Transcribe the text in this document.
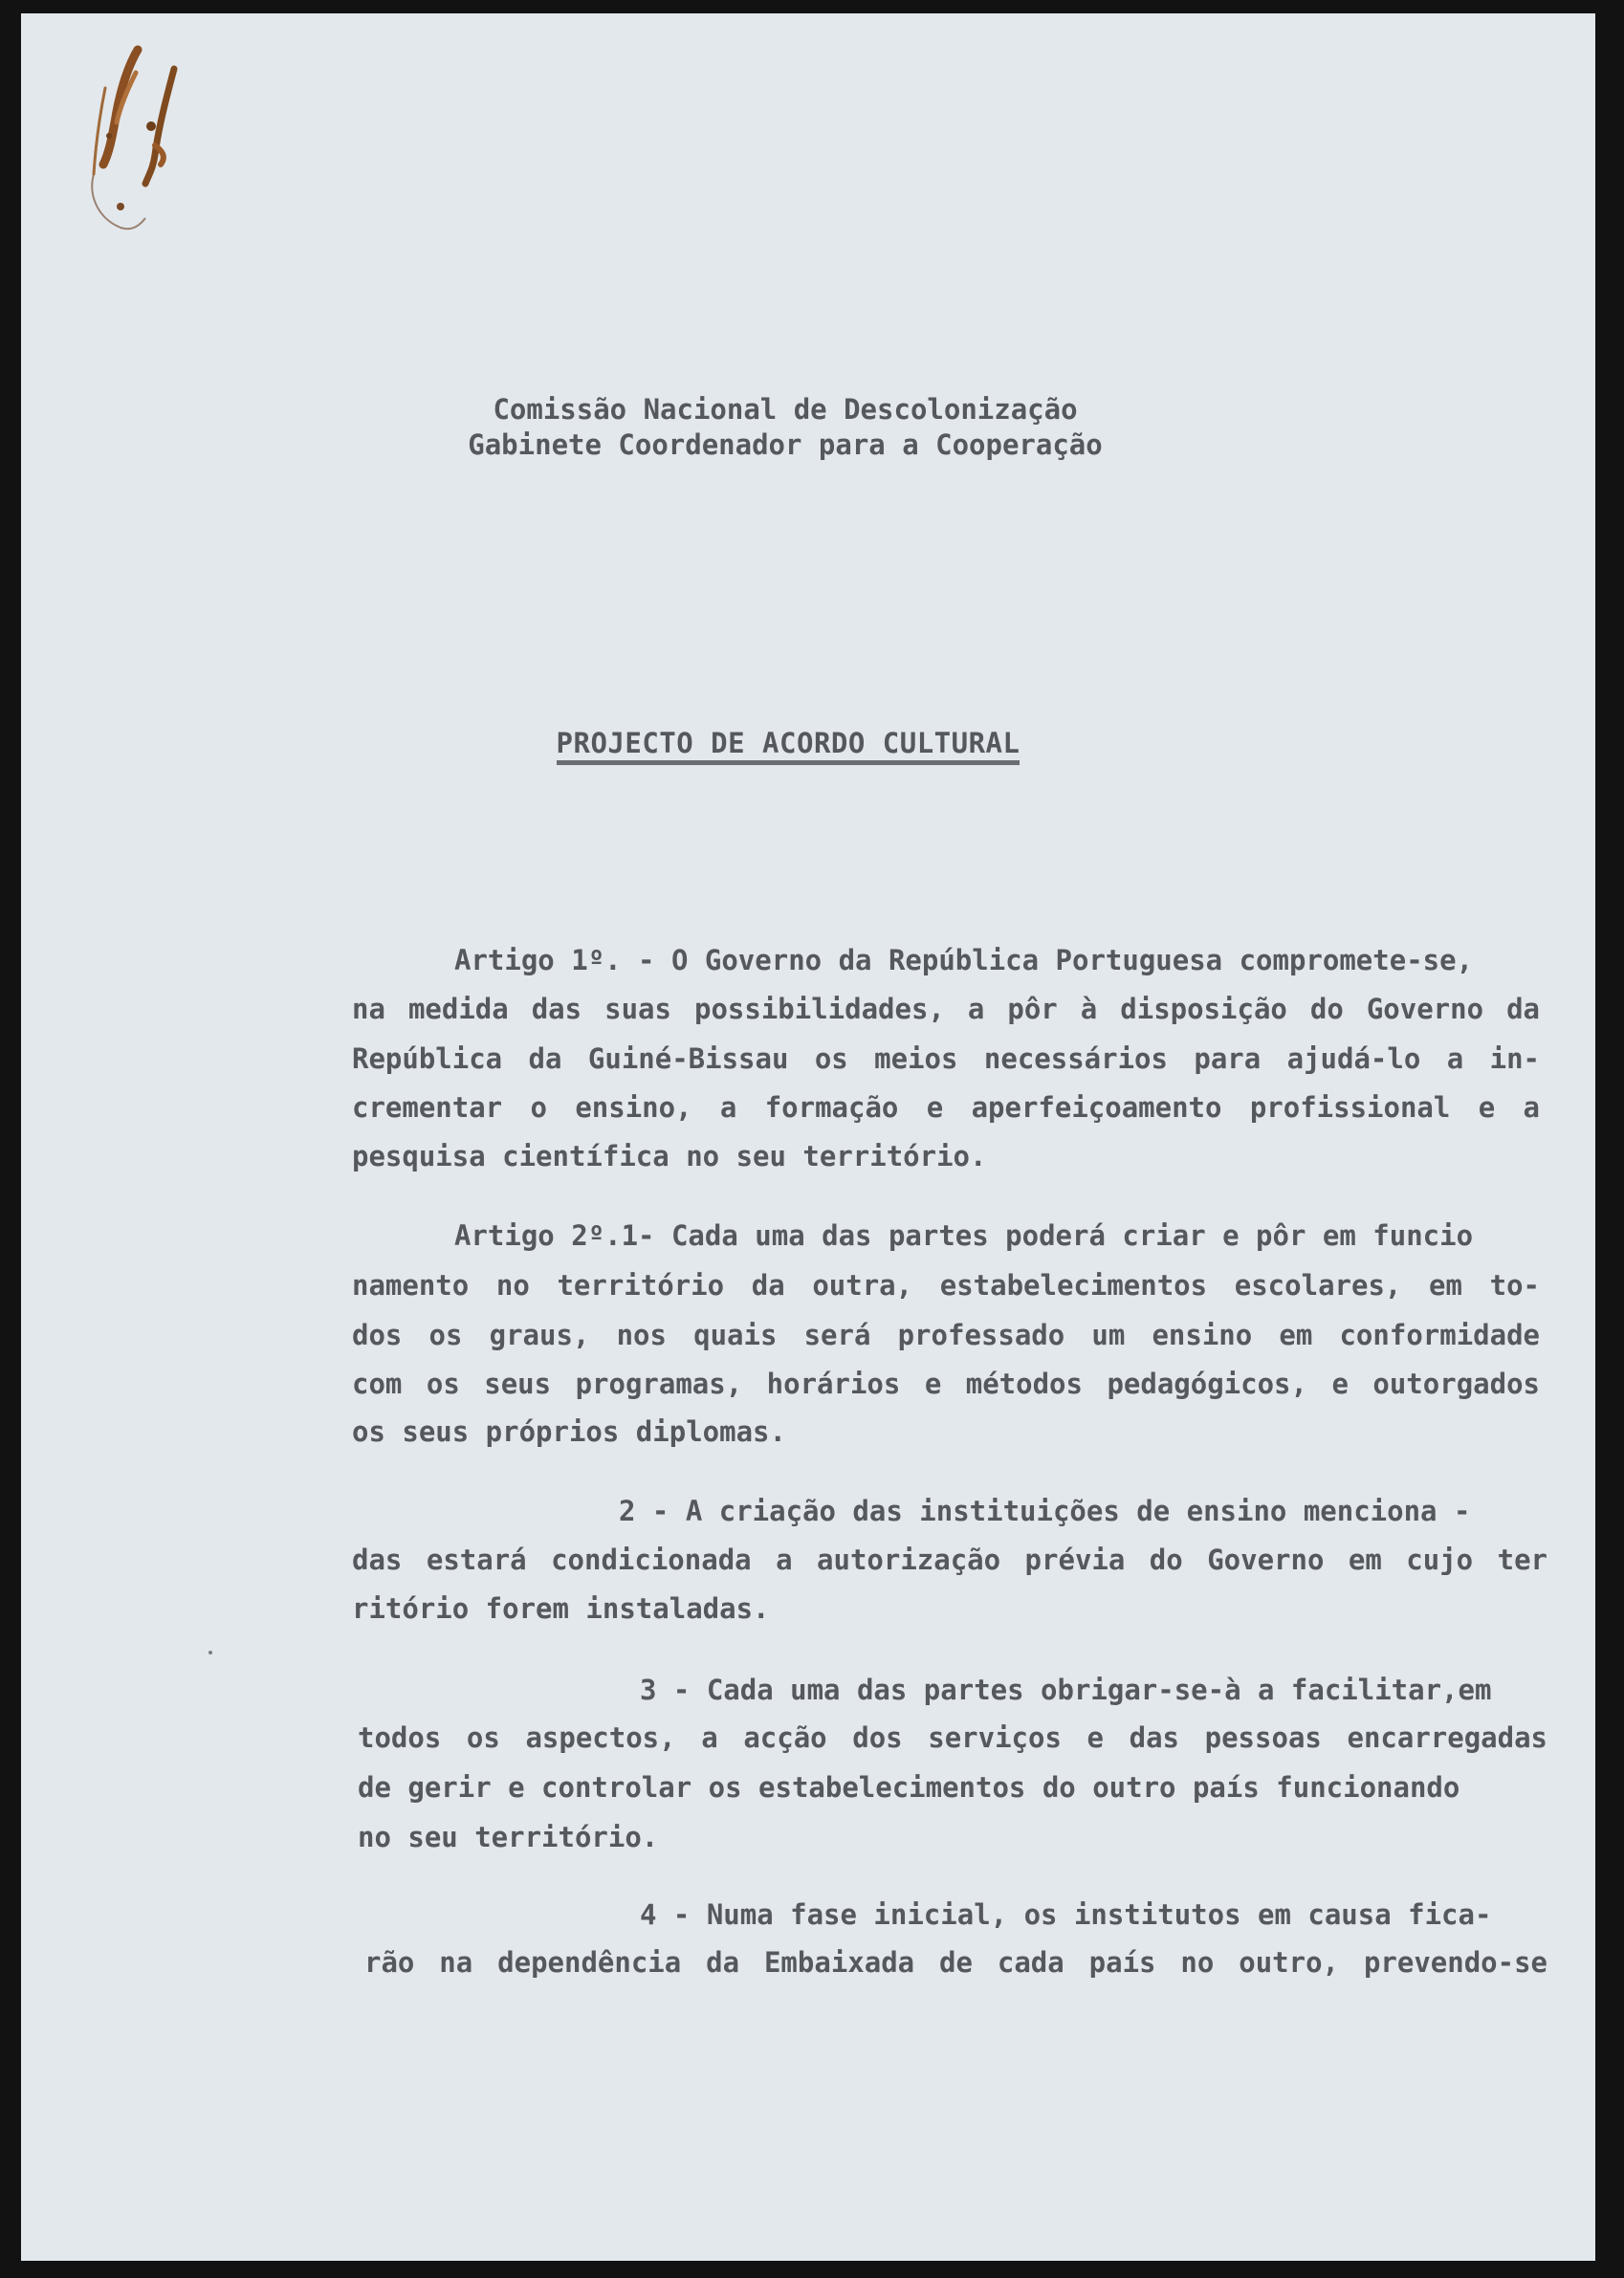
Comissão Nacional de Descolonização
Gabinete Coordenador para a Cooperação
PROJECTO DE ACORDO CULTURAL
Artigo 1º. - O Governo da República Portuguesa compromete-se,
na medida das suas possibilidades, a pôr à disposição do Governo da
República da Guiné-Bissau os meios necessários para ajudá-lo a in-
crementar o ensino, a formação e aperfeiçoamento profissional e a
pesquisa científica no seu território.
Artigo 2º.1- Cada uma das partes poderá criar e pôr em funcio
namento no território da outra, estabelecimentos escolares, em to-
dos os graus, nos quais será professado um ensino em conformidade
com os seus programas, horários e métodos pedagógicos, e outorgados
os seus próprios diplomas.
2 - A criação das instituições de ensino menciona -
das estará condicionada a autorização prévia do Governo em cujo ter
ritório forem instaladas.
3 - Cada uma das partes obrigar-se-à a facilitar,em
todos os aspectos, a acção dos serviços e das pessoas encarregadas
de gerir e controlar os estabelecimentos do outro país funcionando
no seu território.
4 - Numa fase inicial, os institutos em causa fica-
rão na dependência da Embaixada de cada país no outro, prevendo-se
